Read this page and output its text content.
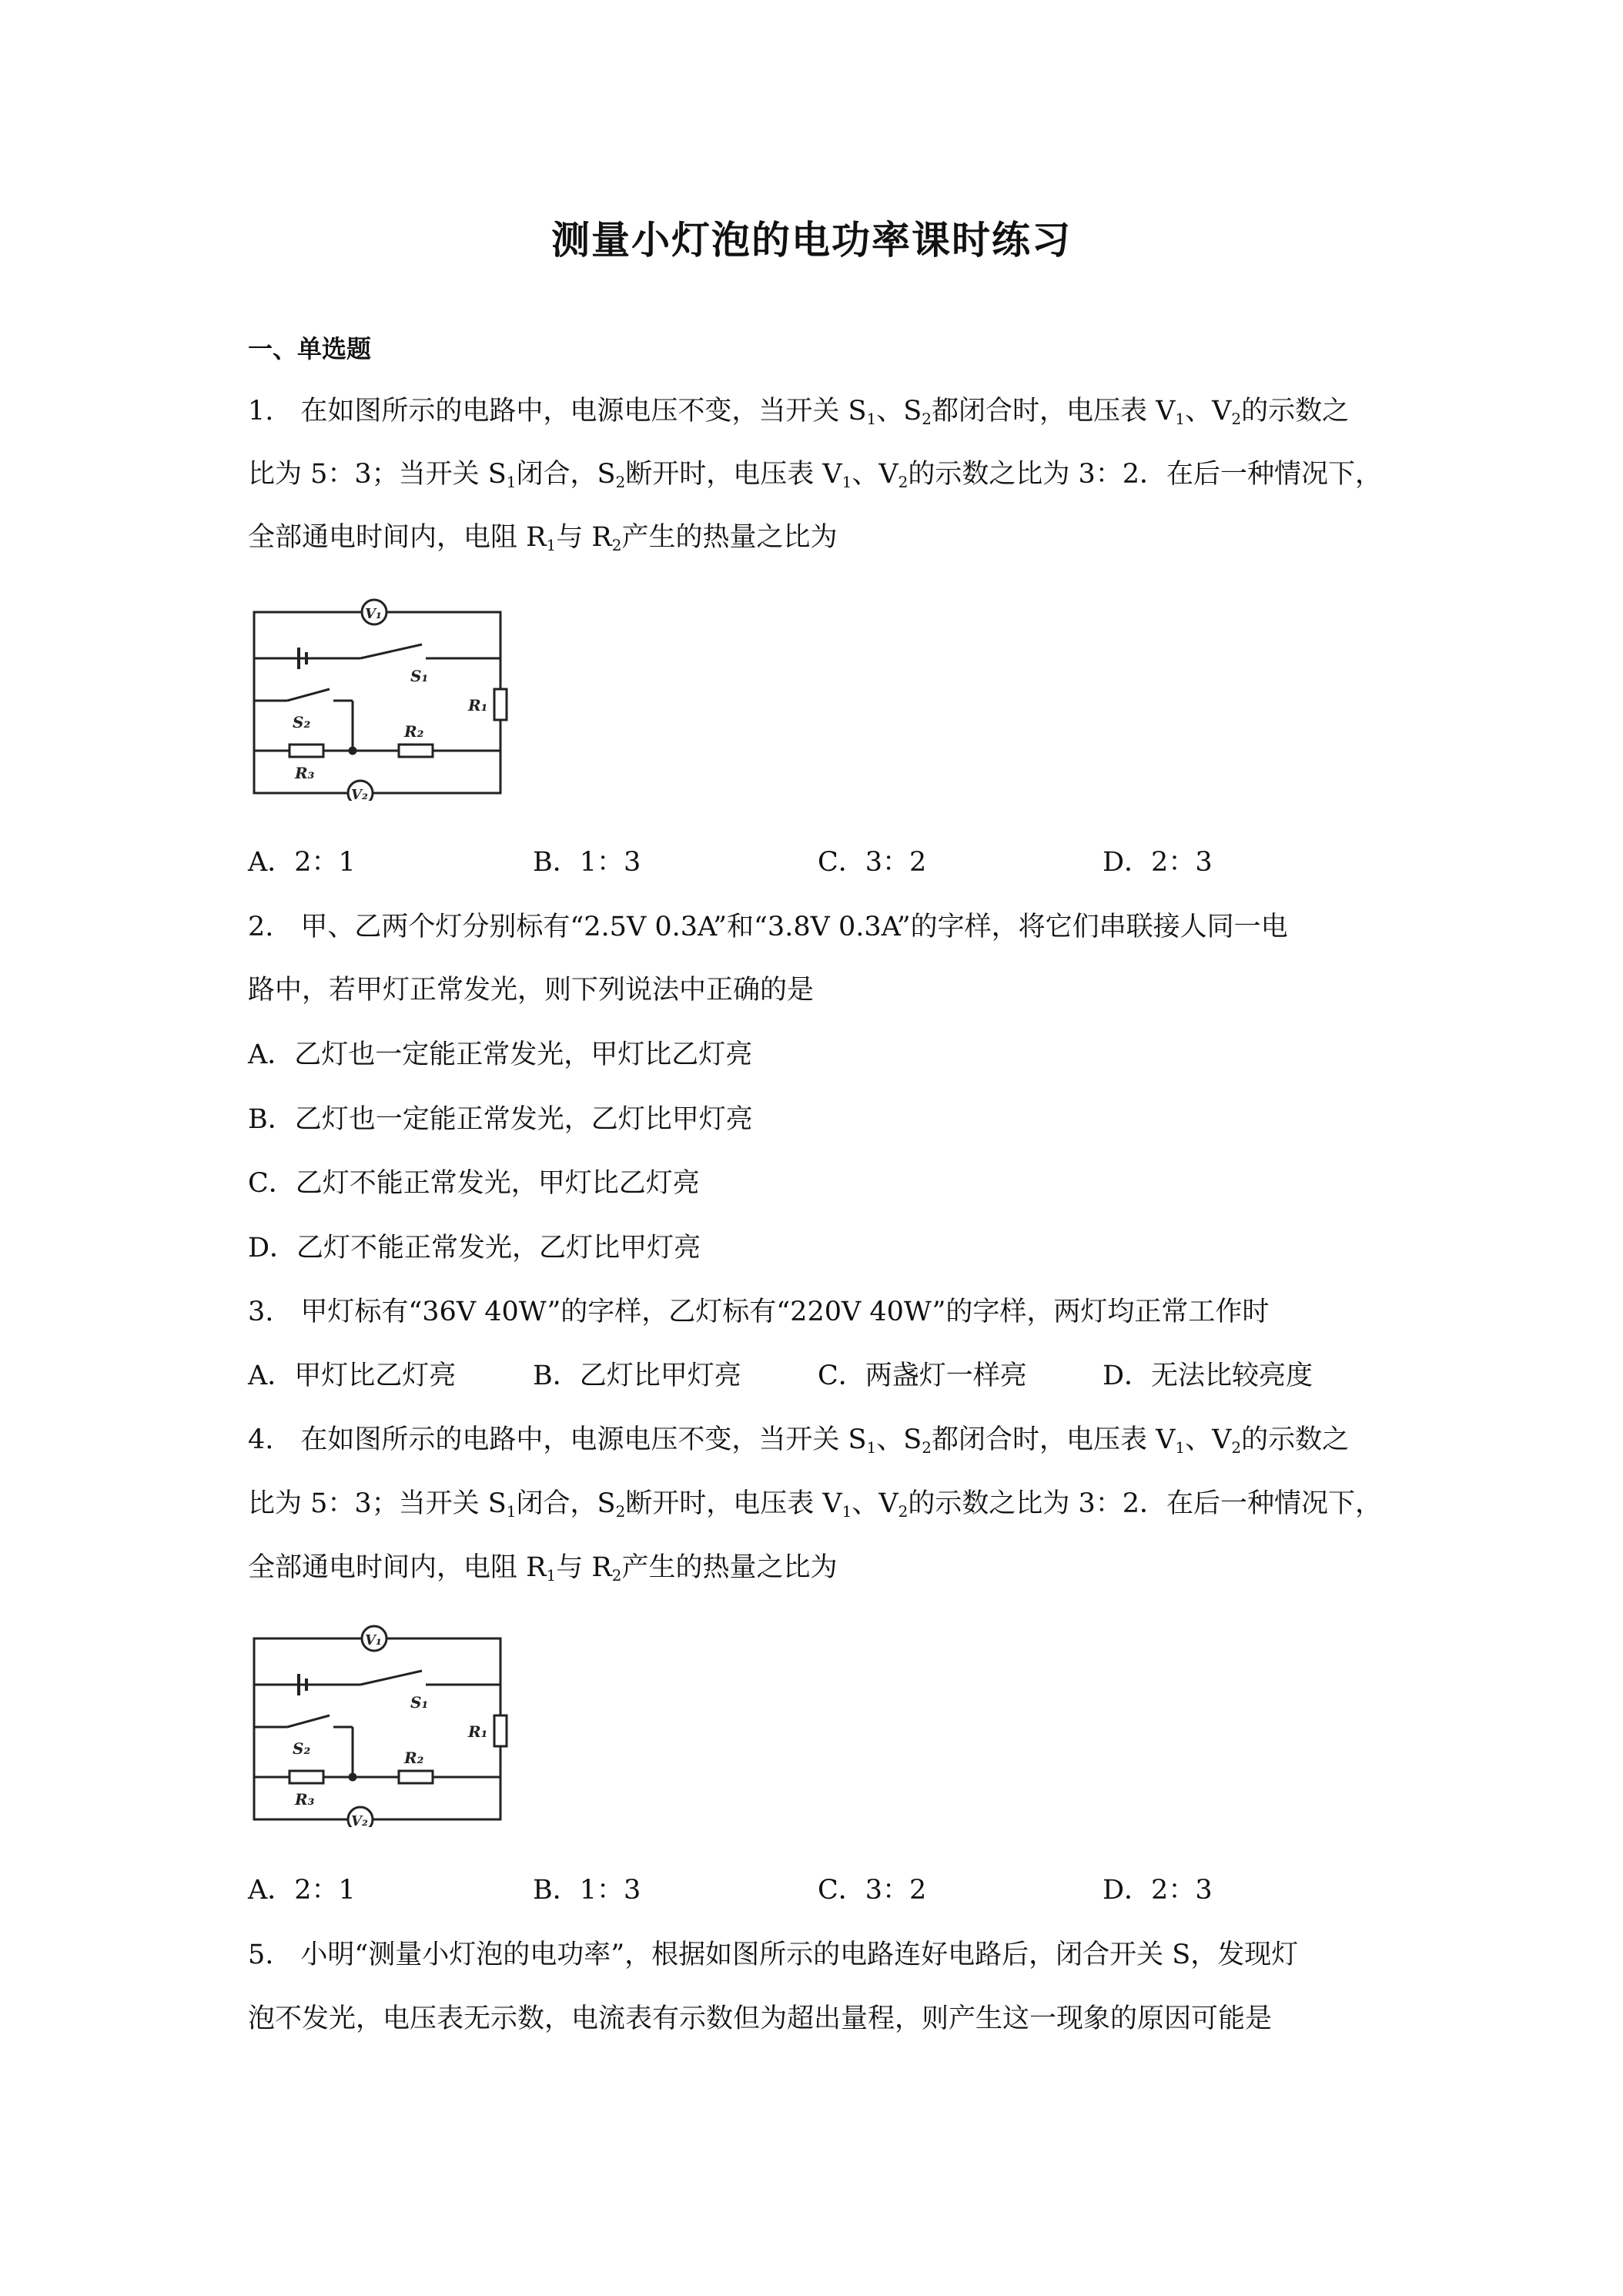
测量小灯泡的电功率课时练习
一、单选题
1.　在如图所示的电路中，电源电压不变，当开关 $S_1$、$S_2$都闭合时，电压表 $V_1$、$V_2$的示数之
比为 5：3；当开关 $S_1$闭合，$S_2$断开时，电压表 $V_1$、$V_2$的示数之比为 3：2．在后一种情况下，
全部通电时间内，电阻 $R_1$与 $R_2$产生的热量之比为
V₁
S₁
R₁
S₂
R₃
R₂
V₂
A．2：1	B．1：3	C．3：2	D．2：3
2.　甲、乙两个灯分别标有“2.5V 0.3A”和“3.8V 0.3A”的字样，将它们串联接人同一电
路中，若甲灯正常发光，则下列说法中正确的是
A．乙灯也一定能正常发光，甲灯比乙灯亮
B．乙灯也一定能正常发光，乙灯比甲灯亮
C．乙灯不能正常发光，甲灯比乙灯亮
D．乙灯不能正常发光，乙灯比甲灯亮
3.　甲灯标有“36V 40W”的字样，乙灯标有“220V 40W”的字样，两灯均正常工作时
A．甲灯比乙灯亮	B．乙灯比甲灯亮	C．两盏灯一样亮	D．无法比较亮度
4.　在如图所示的电路中，电源电压不变，当开关 $S_1$、$S_2$都闭合时，电压表 $V_1$、$V_2$的示数之
比为 5：3；当开关 $S_1$闭合，$S_2$断开时，电压表 $V_1$、$V_2$的示数之比为 3：2．在后一种情况下，
全部通电时间内，电阻 $R_1$与 $R_2$产生的热量之比为
V₁
S₁
R₁
S₂
R₃
R₂
V₂
A．2：1	B．1：3	C．3：2	D．2：3
5.　小明“测量小灯泡的电功率”，根据如图所示的电路连好电路后，闭合开关 S，发现灯
泡不发光，电压表无示数，电流表有示数但为超出量程，则产生这一现象的原因可能是
